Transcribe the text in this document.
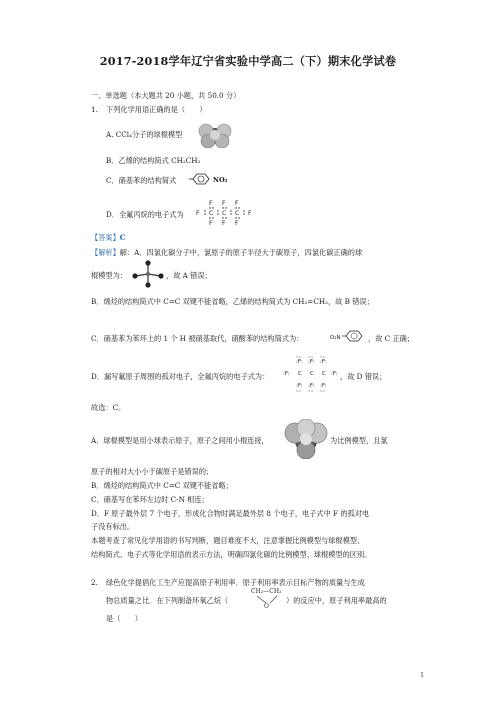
2017-2018学年辽宁省实验中学高二（下）期末化学试卷
一、单选题（本大题共 20 小题，共 50.0 分）
1. 下列化学用语正确的是（　　）
A. CCl₄分子的球棍模型
B．乙烯的结构简式 CH₂CH₂
C．硝基苯的结构简式	NO₂
D．全氟丙烷的电子式为
F F F
F C C C F
F F F
【答案】C
【解析】解：A．四氯化碳分子中，氯原子的原子半径大于碳原子，四氯化碳正确的球
棍模型为：	，故 A 错误；
B．烯烃的结构简式中 C=C 双键不能省略，乙烯的结构简式为 CH₂=CH₂，故 B 错误；
C．硝基苯为苯环上的 1 个 H 被硝基取代，硝酸苯的结构简式为：	O₂N	，故 C 正确；
D．漏写氟原子周围的孤对电子，全氟丙烷的电子式为：
:F: :F: :F:
:F: C C C :F:
:F: :F: :F:
，故 D 错误；
故选：C。
A．球棍模型是用小球表示原子，原子之间用小棍连接，	为比例模型，且氯
原子的相对大小小于碳原子是错误的；
B．烯烃的结构简式中 C=C 双键不能省略；
C．硝基写在苯环左边时 C-N 相连；
D．F 原子最外层 7 个电子，形成化合物时满足最外层 8 个电子，电子式中 F 的孤对电
子没有标出。
本题考查了常见化学用语的书写判断，题目难度不大，注意掌握比例模型与球棍模型、
结构简式、电子式等化学用语的表示方法，明确四氯化碳的比例模型、球棍模型的区别。
2. 绿色化学提倡化工生产应提高原子利用率．原子利用率表示目标产物的质量与生成
物总质量之比．在下列制备环氧乙烷（
CH₂—CH₂
O
）的反应中，原子利用率最高的
是（　　）
1
